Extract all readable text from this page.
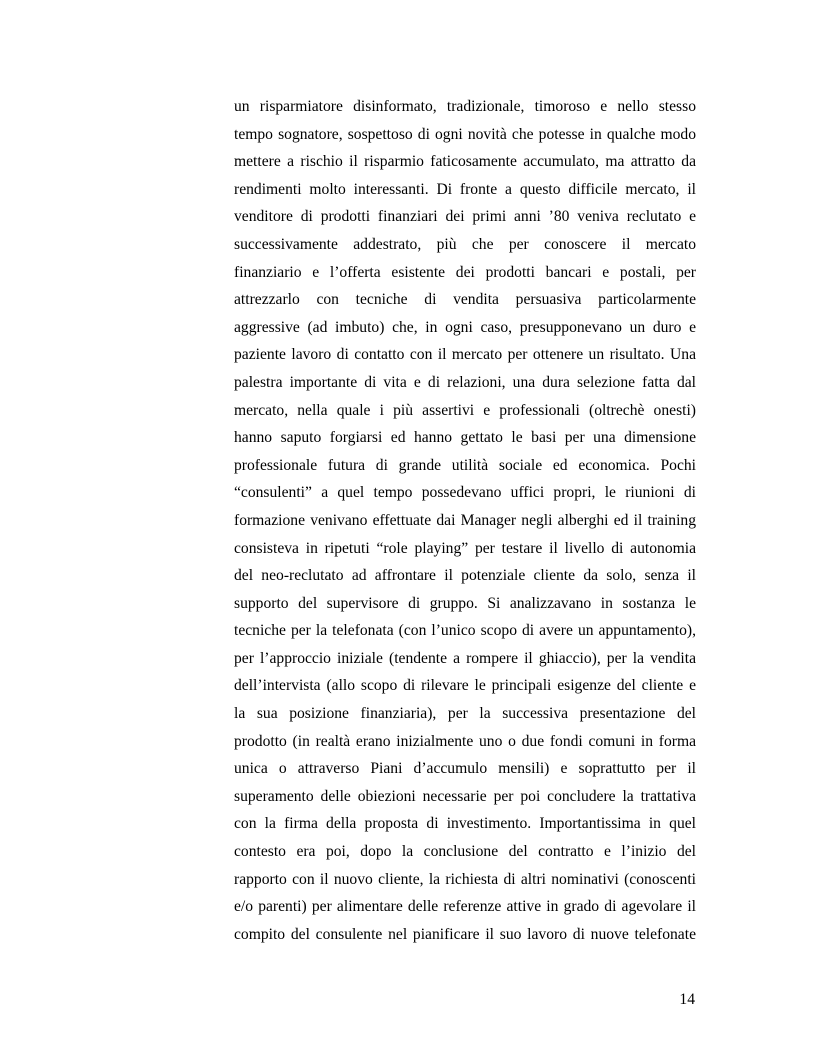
un risparmiatore disinformato, tradizionale, timoroso e nello stesso
tempo sognatore, sospettoso di ogni novità che potesse in qualche modo
mettere a rischio il risparmio faticosamente accumulato, ma attratto da
rendimenti molto interessanti. Di fronte a questo difficile mercato, il
venditore di prodotti finanziari dei primi anni ’80 veniva reclutato e
successivamente addestrato, più che per conoscere il mercato
finanziario e l’offerta esistente dei prodotti bancari e postali, per
attrezzarlo con tecniche di vendita persuasiva particolarmente
aggressive (ad imbuto) che, in ogni caso, presupponevano un duro e
paziente lavoro di contatto con il mercato per ottenere un risultato. Una
palestra importante di vita e di relazioni, una dura selezione fatta dal
mercato, nella quale i più assertivi e professionali (oltrechè onesti)
hanno saputo forgiarsi ed hanno gettato le basi per una dimensione
professionale futura di grande utilità sociale ed economica. Pochi
“consulenti” a quel tempo possedevano uffici propri, le riunioni di
formazione venivano effettuate dai Manager negli alberghi ed il training
consisteva in ripetuti “role playing” per testare il livello di autonomia
del neo-reclutato ad affrontare il potenziale cliente da solo, senza il
supporto del supervisore di gruppo. Si analizzavano in sostanza le
tecniche per la telefonata (con l’unico scopo di avere un appuntamento),
per l’approccio iniziale (tendente a rompere il ghiaccio), per la vendita
dell’intervista (allo scopo di rilevare le principali esigenze del cliente e
la sua posizione finanziaria), per la successiva presentazione del
prodotto (in realtà erano inizialmente uno o due fondi comuni in forma
unica o attraverso Piani d’accumulo mensili) e soprattutto per il
superamento delle obiezioni necessarie per poi concludere la trattativa
con la firma della proposta di investimento. Importantissima in quel
contesto era poi, dopo la conclusione del contratto e l’inizio del
rapporto con il nuovo cliente, la richiesta di altri nominativi (conoscenti
e/o parenti) per alimentare delle referenze attive in grado di agevolare il
compito del consulente nel pianificare il suo lavoro di nuove telefonate
14
